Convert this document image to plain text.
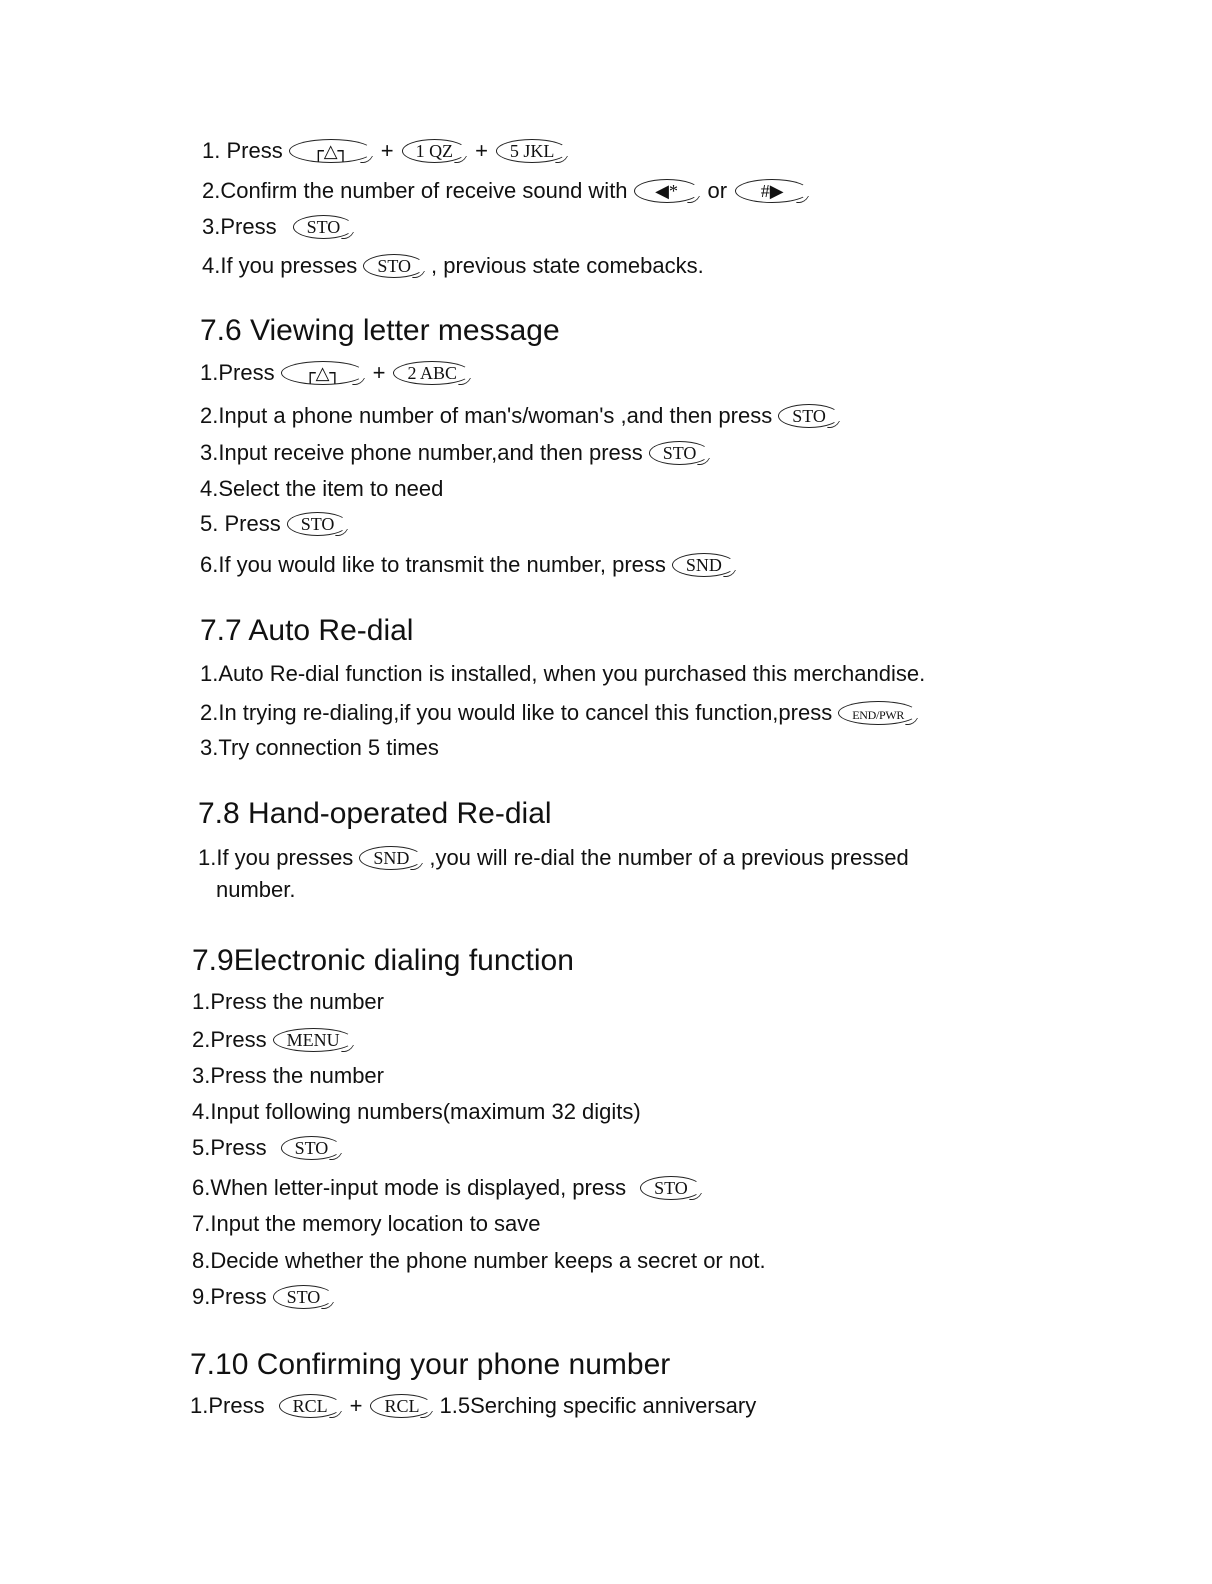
1. Press	┌△┐	+	1 QZ	+	5 JKL
2.Confirm the number of receive sound with	◀*	or	#▶
3.Press	STO
4.If you presses	STO , previous state comebacks.
7.6 Viewing letter message
1.Press	┌△┐	+	2 ABC
2.Input a phone number of man's/woman's ,and then press	STO
3.Input receive phone number,and then press	STO
4.Select the item to need
5. Press	STO
6.If you would like to transmit the number, press	SND
7.7 Auto Re-dial
1.Auto Re-dial function is installed, when you purchased this merchandise.
2.In trying re-dialing,if you would like to cancel this function,press	END/PWR
3.Try connection 5 times
7.8 Hand-operated Re-dial
1.If you presses	SND ,you will re-dial the number of a previous pressed
number.
7.9Electronic dialing function
1.Press the number
2.Press	MENU
3.Press the number
4.Input following numbers(maximum 32 digits)
5.Press	STO
6.When letter-input mode is displayed, press	STO
7.Input the memory location to save
8.Decide whether the phone number keeps a secret or not.
9.Press	STO
7.10 Confirming your phone number
1.Press	RCL	+	RCL 1.5Serching specific anniversary
